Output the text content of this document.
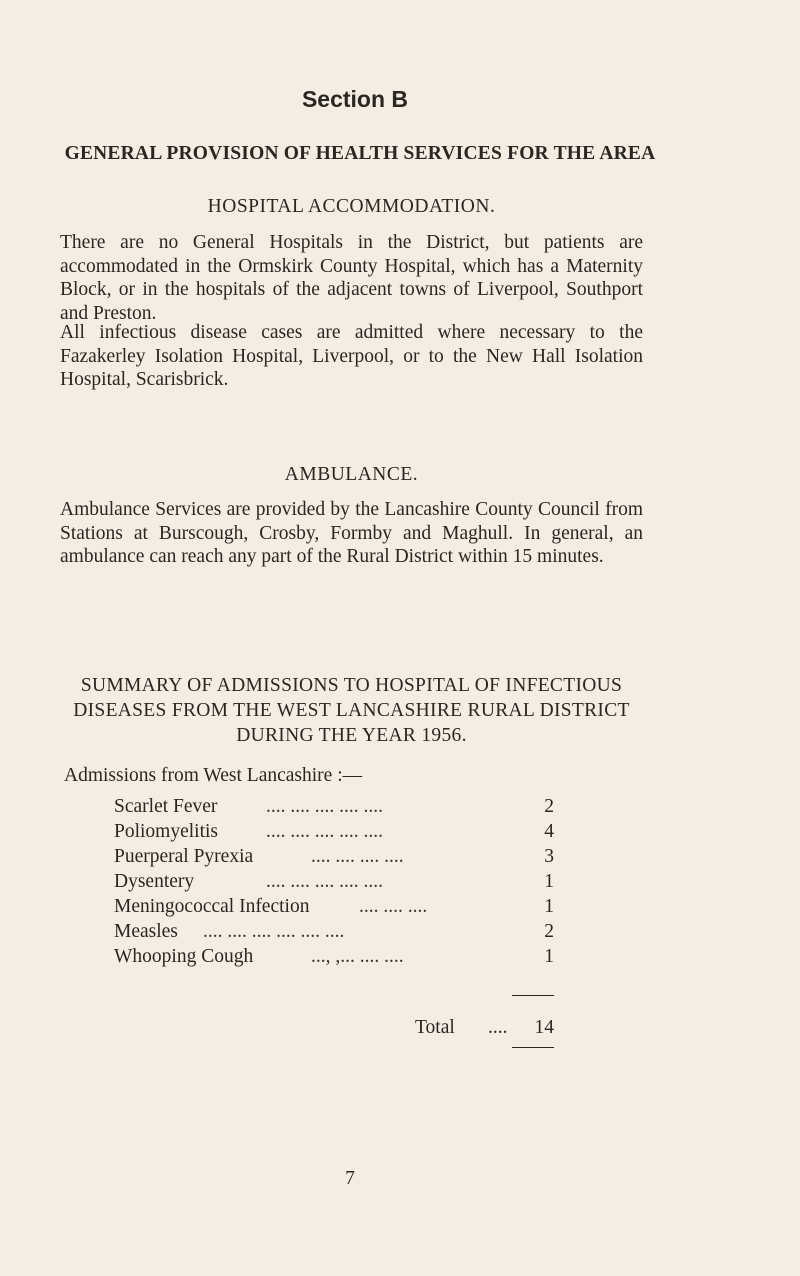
Section B
GENERAL PROVISION OF HEALTH SERVICES FOR THE AREA
HOSPITAL ACCOMMODATION.

There are no General Hospitals in the District, but patients are accommodated in the Ormskirk County Hospital, which has a Maternity Block, or in the hospitals of the adjacent towns of Liverpool, Southport and Preston.

All infectious disease cases are admitted where necessary to the Fazakerley Isolation Hospital, Liverpool, or to the New Hall Isolation Hospital, Scarisbrick.

AMBULANCE.

Ambulance Services are provided by the Lancashire County Council from Stations at Burscough, Crosby, Formby and Maghull. In general, an ambulance can reach any part of the Rural District within 15 minutes.

SUMMARY OF ADMISSIONS TO HOSPITAL OF INFECTIOUS DISEASES FROM THE WEST LANCASHIRE RURAL DISTRICT DURING THE YEAR 1956.
Admissions from West Lancashire :—
.... .... .... .... ....
Scarlet Fever	2
.... .... .... .... ....
Poliomyelitis	4
.... .... .... ....
Puerperal Pyrexia	3
.... .... .... .... ....
Dysentery	1
.... .... ....
Meningococcal Infection	1
.... .... .... .... .... ....
Measles	2
..., ,... .... ....
Whooping Cough	1
Total ....	14
7
